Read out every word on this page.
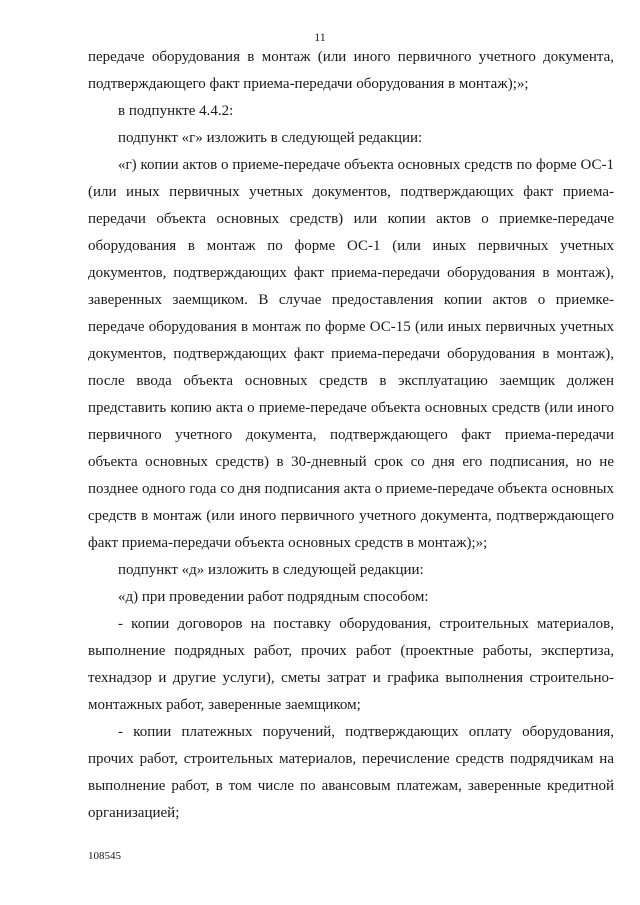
11

передаче оборудования в монтаж (или иного первичного учетного документа, подтверждающего факт приема-передачи оборудования в монтаж);»;

в подпункте 4.4.2:

подпункт «г» изложить в следующей редакции:

«г) копии актов о приеме-передаче объекта основных средств по форме ОС-1 (или иных первичных учетных документов, подтверждающих факт приема-передачи объекта основных средств) или копии актов о приемке-передаче оборудования в монтаж по форме ОС-1 (или иных первичных учетных документов, подтверждающих факт приема-передачи оборудования в монтаж), заверенных заемщиком. В случае предоставления копии актов о приемке-передаче оборудования в монтаж по форме ОС-15 (или иных первичных учетных документов, подтверждающих факт приема-передачи оборудования в монтаж), после ввода объекта основных средств в эксплуатацию заемщик должен представить копию акта о приеме-передаче объекта основных средств (или иного первичного учетного документа, подтверждающего факт приема-передачи объекта основных средств) в 30-дневный срок со дня его подписания, но не позднее одного года со дня подписания акта о приеме-передаче объекта основных средств в монтаж (или иного первичного учетного документа, подтверждающего факт приема-передачи объекта основных средств в монтаж);»;

подпункт «д» изложить в следующей редакции:

«д) при проведении работ подрядным способом:

- копии договоров на поставку оборудования, строительных материалов, выполнение подрядных работ, прочих работ (проектные работы, экспертиза, технадзор и другие услуги), сметы затрат и графика выполнения строительно-монтажных работ, заверенные заемщиком;

- копии платежных поручений, подтверждающих оплату оборудования, прочих работ, строительных материалов, перечисление средств подрядчикам на выполнение работ, в том числе по авансовым платежам, заверенные кредитной организацией;

108545
